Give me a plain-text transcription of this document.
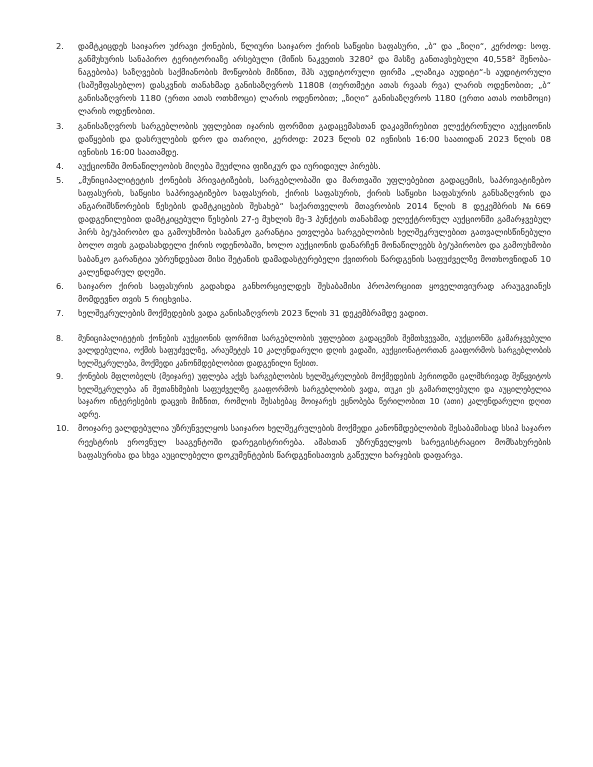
2.	დამტკიცდეს საიჯარო უძრავი ქონების, წლიური საიჯარო ქირის საწყისი საფასური, „ბ“ და „ზიღი“, კერძოდ: სოფ. განმუხურის სანაპირო ტერიტორიაზე არსებული (მიწის ნაკვეთის 3280² და მასზე განთავსებული 40,558² შენობა-ნაგებობა) საზღვების საქმიანობის მოწყობის მიზნით, შპს აუდიტორული ფირმა „ლაზიკა აუდიტი“-ს აუდიტორული (საშემფასებლო) დასკვნის თანახმად განისაზღვროს 11808 (თერთმეტი ათას რვაას რვა) ლარის ოდენობით; „ბ“ განისაზღვროს 1180 (ერთი ათას ოთხმოცი) ლარის ოდენობით; „ზიღი“ განისაზღვროს 1180 (ერთი ათას ოთხმოცი) ლარის ოდენობით.
3.	განისაზღვროს სარგებლობის უფლებით იჯარის ფორმით გადაცემასთან დაკავშირებით ელექტრონული აუქციონის დაწყების და დასრულების დრო და თარიღი, კერძოდ: 2023 წლის 02 ივნისის 16:00 საათიდან 2023 წლის 08 ივნისის 16:00 საათამდე.
4.	აუქციონში მონაწილეობის მიღება შეუძლია ფიზიკურ და იურიდიულ პირებს.
5.	„მუნიციპალიტეტის ქონების პრივატიზების, სარგებლობაში და მართვაში უფლებებით გადაცემის, საპრივატიზებო საფასურის, საწყისი საპრივატიზებო საფასურის, ქირის საფასურის, ქირის საწყისი საფასურის განსაზღვრის და ანგარიშსწორების წესების დამტკიცების შესახებ“ საქართველოს მთავრობის 2014 წლის 8 დეკემბრის №669 დადგენილებით დამტკიცებული წესების 27-ე მუხლის მე-3 პუნქტის თანახმად ელექტრონულ აუქციონში გამარჯვებულ პირს ბე/უპირობო და გამოუხმობი საბანკო გარანტია ეთვლება სარგებლობის ხელშეკრულებით გათვალისწინებული ბოლო თვის გადასახდელი ქირის ოდენობაში, ხოლო აუქციონის დანარჩენ მონაწილეებს ბე/უპირობო და გამოუხმობი საბანკო გარანტია უბრუნდებათ მისი შეტანის დამადასტურებელი ქვითრის წარდგენის საფუძველზე მოთხოვნიდან 10 კალენდარულ დღეში.
6.	საიჯარო ქირის საფასურის გადახდა განხორციელდეს შესაბამისი პროპორციით ყოველთვიურად არაუგვიანეს მომდევნო თვის 5 რიცხვისა.
7.	ხელშეკრულების მოქმედების ვადა განისაზღვროს 2023 წლის 31 დეკემბრამდე ვადით.
8.	მუნიციპალიტეტის ქონების აუქციონის ფორმით სარგებლობის უფლებით გადაცემის შემთხვევაში, აუქციონში გამარჯვებული ვალდებულია, ოქმის საფუძველზე, არაუმეტეს 10 კალენდარული დღის ვადაში, აუქციონატორთან გააფორმოს სარგებლობის ხელშეკრულება, მოქმედი კანონმდებლობით დადგენილი წესით.
9.	ქონების მფლობელს (მეიჯარე) უფლება აქვს სარგებლობის ხელშეკრულების მოქმედების პერიოდში ცალმხრივად შეწყვიტოს ხელშეკრულება ან შეთანხმების საფუძველზე გააფორმოს სარგებლობის ვადა, თუკი ეს გამართლებული და აუცილებელია საჯარო ინტერესების დაცვის მიზნით, რომლის შესახებაც მოიჯარეს ეცნობება წერილობით 10 (ათი) კალენდარული დღით ადრე.
10.	მოიჯარე ვალდებულია უზრუნველყოს საიჯარო ხელშეკრულების მოქმედი კანონმდებლობის შესაბამისად სსიპ საჯარო რეესტრის ეროვნულ სააგენტოში დარეგისტრირება. ამასთან უზრუნველყოს სარეგისტრაციო მომსახურების საფასურისა და სხვა აუცილებელი დოკუმენტების წარდგენისათვის გაწეული ხარჯების დაფარვა.
